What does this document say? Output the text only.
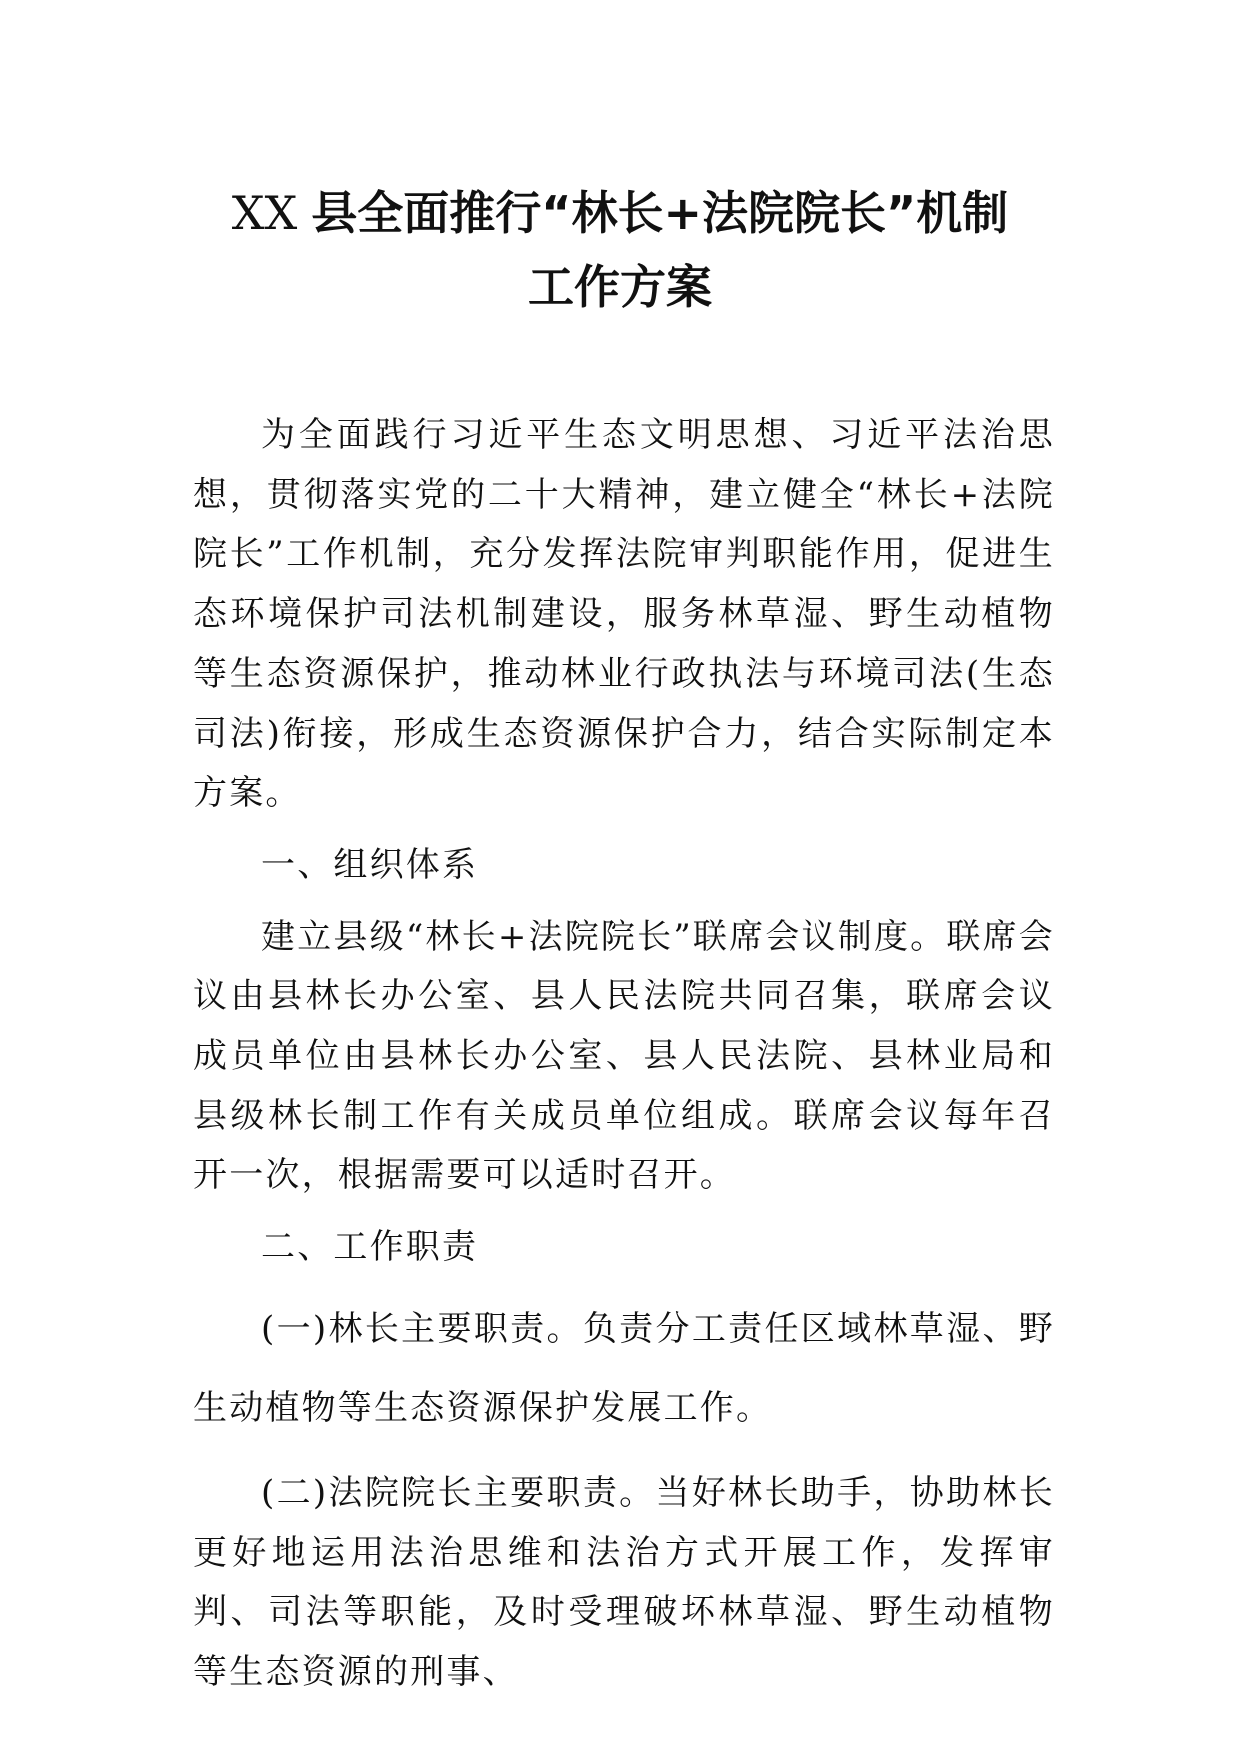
XX 县全面推行“林长+法院院长”机制
工作方案

为全面践行习近平生态文明思想、习近平法治思想，贯彻落实党的二十大精神，建立健全“林长+法院院长”工作机制，充分发挥法院审判职能作用，促进生态环境保护司法机制建设，服务林草湿、野生动植物等生态资源保护，推动林业行政执法与环境司法(生态司法)衔接，形成生态资源保护合力，结合实际制定本方案。

一、组织体系

建立县级“林长+法院院长”联席会议制度。联席会议由县林长办公室、县人民法院共同召集，联席会议成员单位由县林长办公室、县人民法院、县林业局和县级林长制工作有关成员单位组成。联席会议每年召开一次，根据需要可以适时召开。

二、工作职责

(一)林长主要职责。负责分工责任区域林草湿、野生动植物等生态资源保护发展工作。

(二)法院院长主要职责。当好林长助手，协助林长更好地运用法治思维和法治方式开展工作，发挥审判、司法等职能，及时受理破坏林草湿、野生动植物等生态资源的刑事、
